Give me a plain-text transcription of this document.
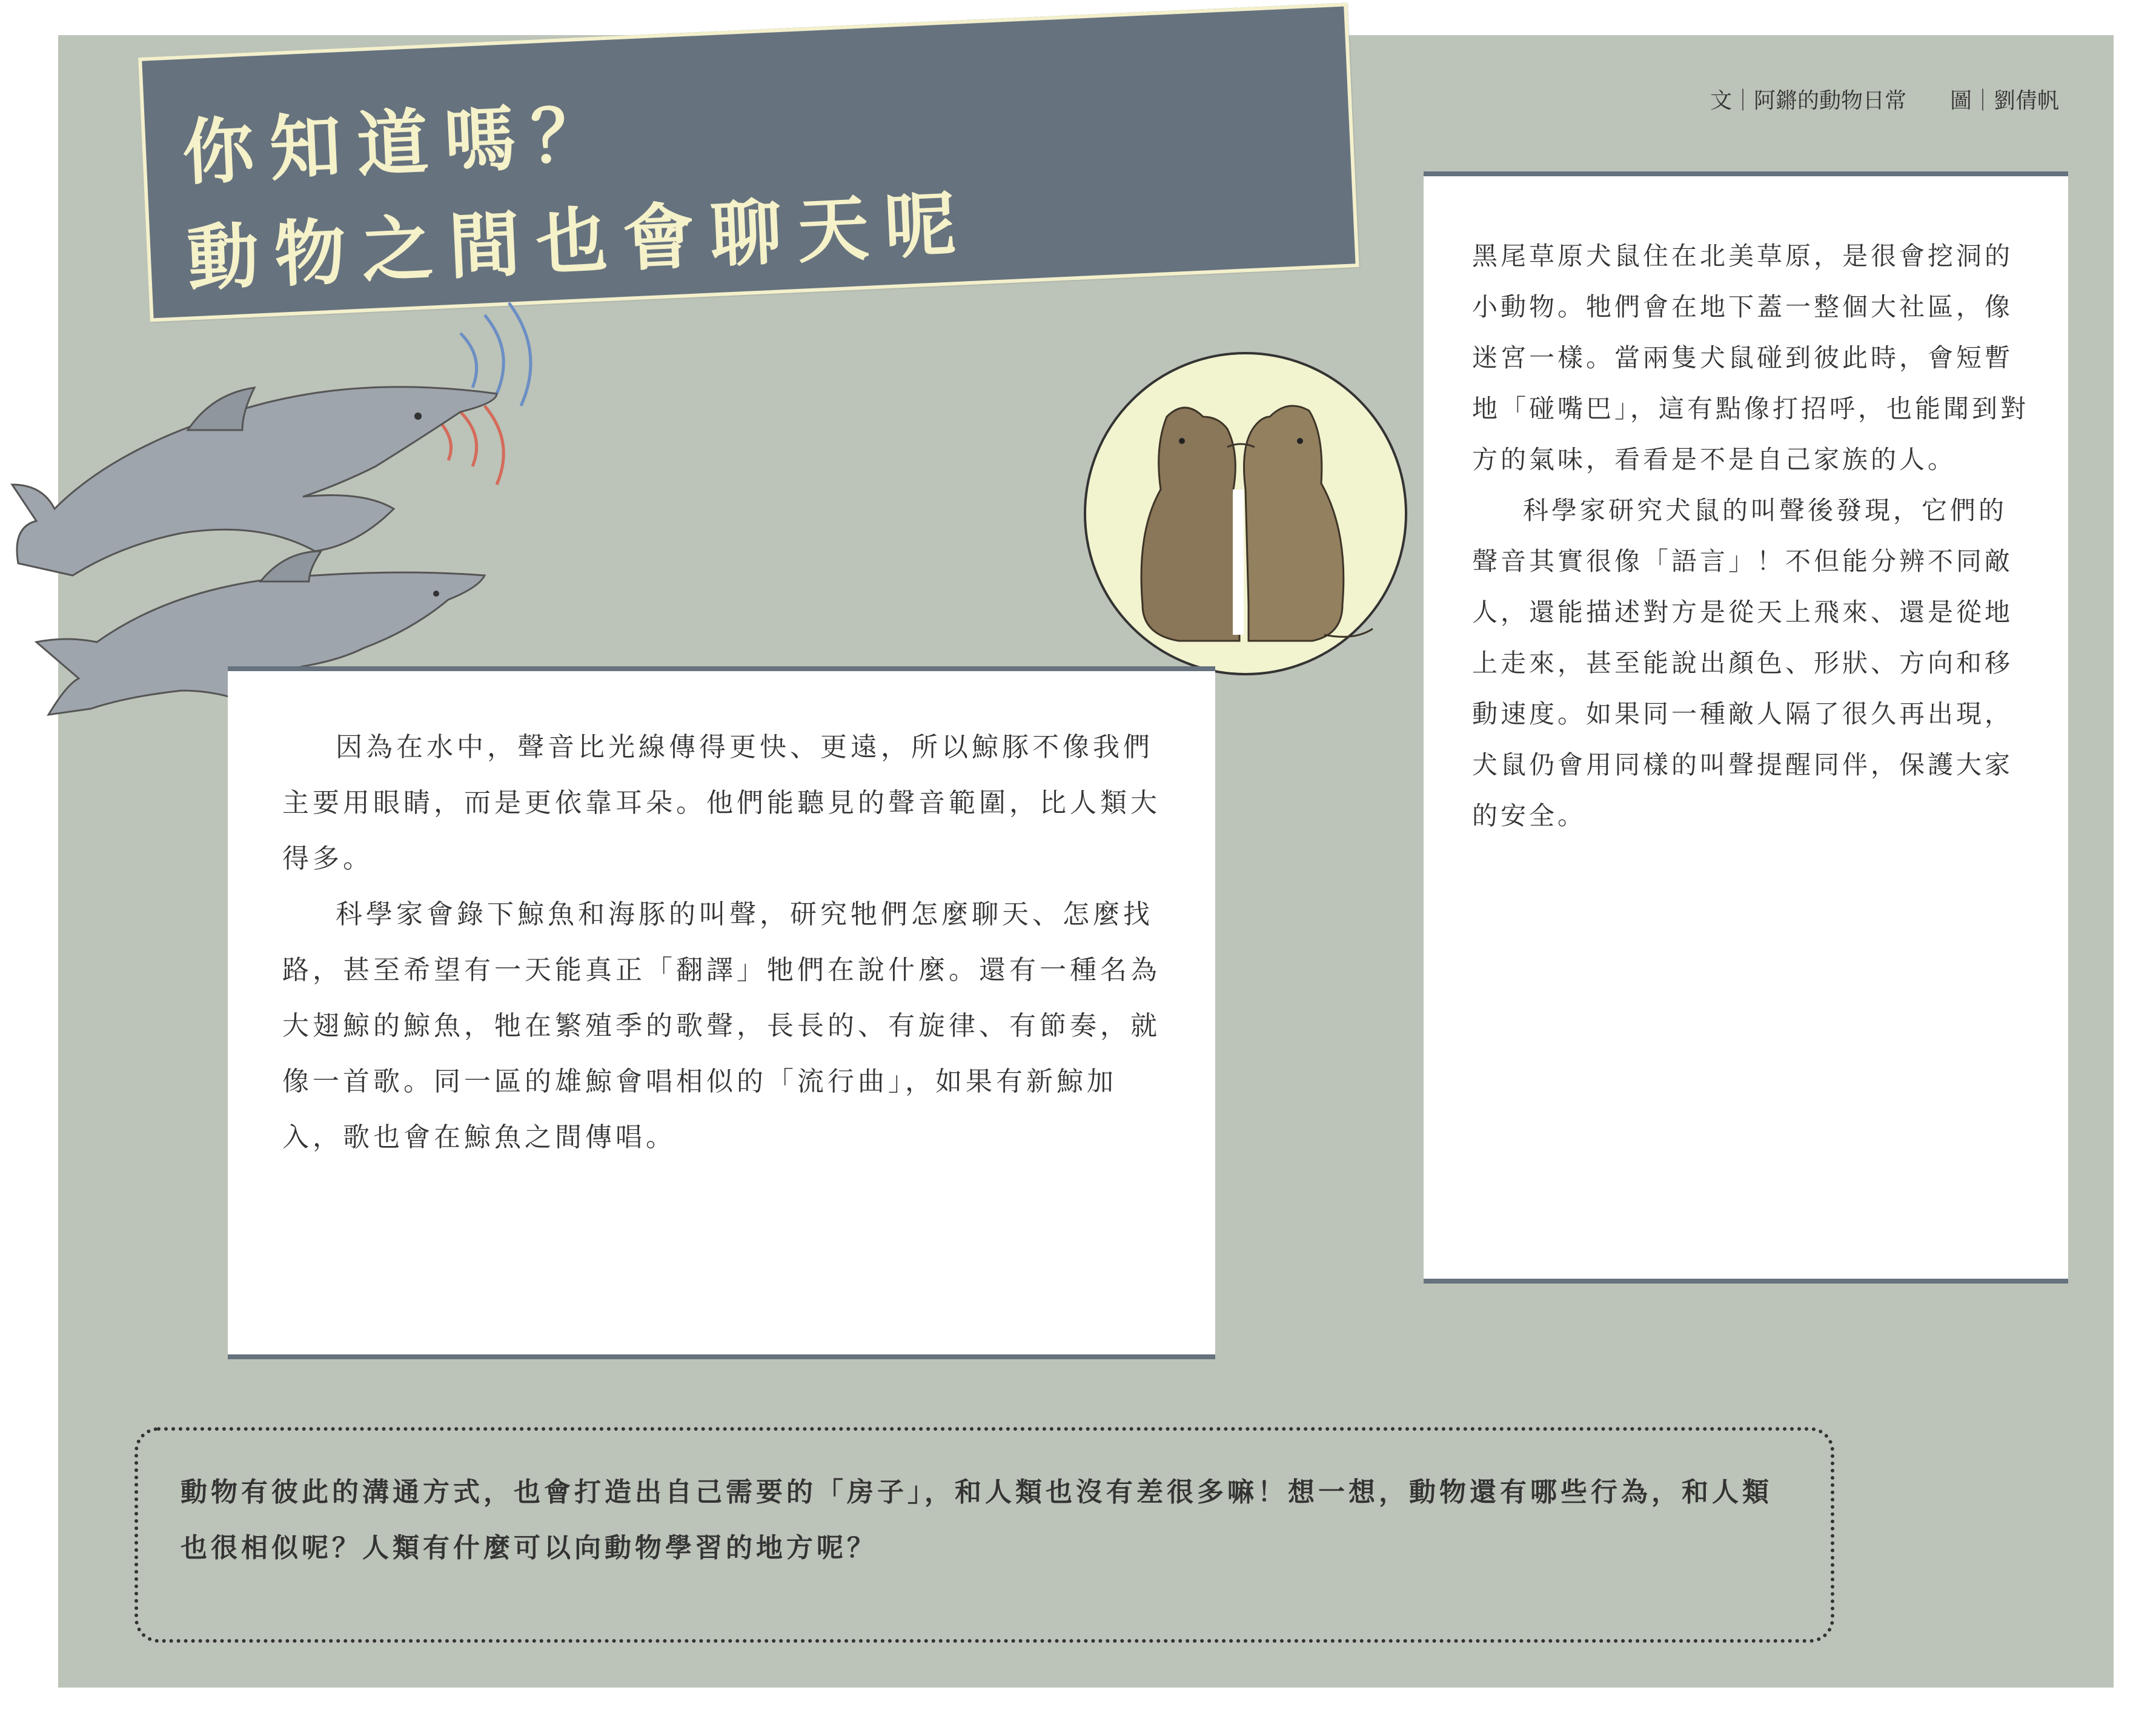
你知道嗎？
動物之間也會聊天呢
文｜阿鏘的動物日常　　圖｜劉倩帆

因為在水中，聲音比光線傳得更快、更遠，所以鯨豚不像我們主要用眼睛，而是更依靠耳朵。他們能聽見的聲音範圍，比人類大得多。

科學家會錄下鯨魚和海豚的叫聲，研究牠們怎麼聊天、怎麼找路，甚至希望有一天能真正「翻譯」牠們在說什麼。還有一種名為大翅鯨的鯨魚，牠在繁殖季的歌聲，長長的、有旋律、有節奏，就像一首歌。同一區的雄鯨會唱相似的「流行曲」，如果有新鯨加入，歌也會在鯨魚之間傳唱。

黑尾草原犬鼠住在北美草原，是很會挖洞的小動物。牠們會在地下蓋一整個大社區，像迷宮一樣。當兩隻犬鼠碰到彼此時，會短暫地「碰嘴巴」，這有點像打招呼，也能聞到對方的氣味，看看是不是自己家族的人。

科學家研究犬鼠的叫聲後發現，它們的聲音其實很像「語言」！不但能分辨不同敵人，還能描述對方是從天上飛來、還是從地上走來，甚至能說出顏色、形狀、方向和移動速度。如果同一種敵人隔了很久再出現，犬鼠仍會用同樣的叫聲提醒同伴，保護大家的安全。

動物有彼此的溝通方式，也會打造出自己需要的「房子」，和人類也沒有差很多嘛！想一想，動物還有哪些行為，和人類也很相似呢？人類有什麼可以向動物學習的地方呢？
